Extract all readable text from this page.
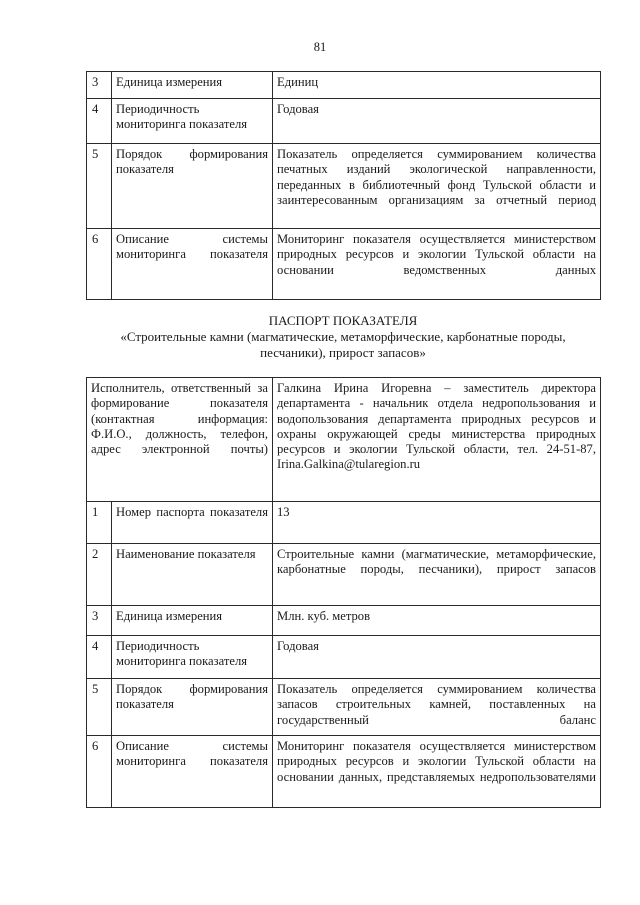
81
3	Единица измерения	Единиц
4	Периодичность мониторинга показателя	Годовая
5	Порядок формирования показателя	Показатель определяется суммированием количества печатных изданий экологической направленности, переданных в библиотечный фонд Тульской области и заинтересованным организациям за отчетный период
6	Описание системы мониторинга показателя	Мониторинг показателя осуществляется министерством природных ресурсов и экологии Тульской области на основании ведомственных данных
ПАСПОРТ ПОКАЗАТЕЛЯ
«Строительные камни (магматические, метаморфические, карбонатные породы, песчаники), прирост запасов»
Исполнитель, ответственный за формирование показателя (контактная информация: Ф.И.О., должность, телефон, адрес электронной почты)		Галкина Ирина Игоревна – заместитель директора департамента - начальник отдела недропользования и водопользования департамента природных ресурсов и охраны окружающей среды министерства природных ресурсов и экологии Тульской области, тел. 24-51-87, Irina.Galkina@tularegion.ru
1	Номер паспорта показателя	13
2	Наименование показателя	Строительные камни (магматические, метаморфические, карбонатные породы, песчаники), прирост запасов
3	Единица измерения	Млн. куб. метров
4	Периодичность мониторинга показателя	Годовая
5	Порядок формирования показателя	Показатель определяется суммированием количества запасов строительных камней, поставленных на государственный баланс
6	Описание системы мониторинга показателя	Мониторинг показателя осуществляется министерством природных ресурсов и экологии Тульской области на основании данных, представляемых недропользователями
